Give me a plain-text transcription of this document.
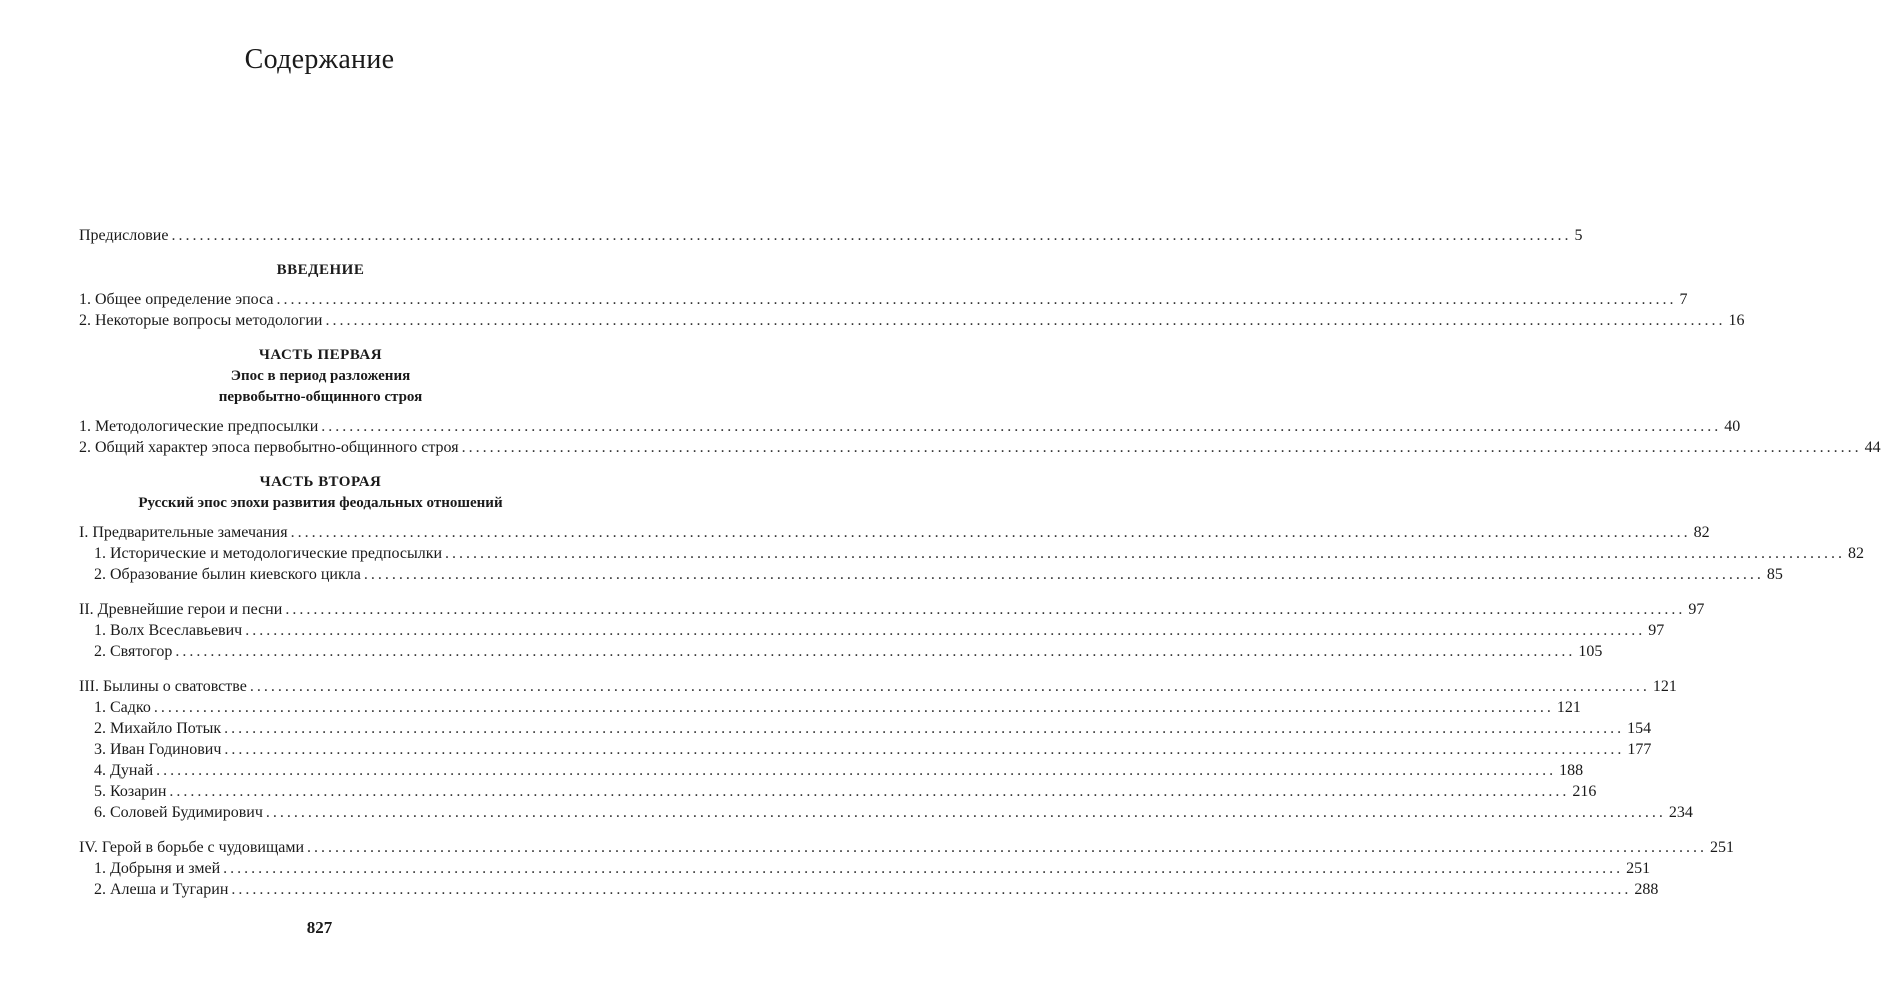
Содержание
Предисловие ........................................................................................................................................................................................................ 5
ВВЕДЕНИЕ
1. Общее определение эпоса ........................................................................................................................................................................................................ 7
2. Некоторые вопросы методологии ........................................................................................................................................................................................................ 16
ЧАСТЬ ПЕРВАЯ
Эпос в период разложения
первобытно-общинного строя
1. Методологические предпосылки ........................................................................................................................................................................................................ 40
2. Общий характер эпоса первобытно-общинного строя ........................................................................................................................................................................................................ 44
ЧАСТЬ ВТОРАЯ
Русский эпос эпохи развития феодальных отношений
I. Предварительные замечания ........................................................................................................................................................................................................ 82
1. Исторические и методологические предпосылки ........................................................................................................................................................................................................ 82
2. Образование былин киевского цикла ........................................................................................................................................................................................................ 85
II. Древнейшие герои и песни ........................................................................................................................................................................................................ 97
1. Волх Всеславьевич ........................................................................................................................................................................................................ 97
2. Святогор ........................................................................................................................................................................................................ 105
III. Былины о сватовстве ........................................................................................................................................................................................................ 121
1. Садко ........................................................................................................................................................................................................ 121
2. Михайло Потык ........................................................................................................................................................................................................ 154
3. Иван Годинович ........................................................................................................................................................................................................ 177
4. Дунай ........................................................................................................................................................................................................ 188
5. Козарин ........................................................................................................................................................................................................ 216
6. Соловей Будимирович ........................................................................................................................................................................................................ 234
IV. Герой в борьбе с чудовищами ........................................................................................................................................................................................................ 251
1. Добрыня и змей ........................................................................................................................................................................................................ 251
2. Алеша и Тугарин ........................................................................................................................................................................................................ 288
827
